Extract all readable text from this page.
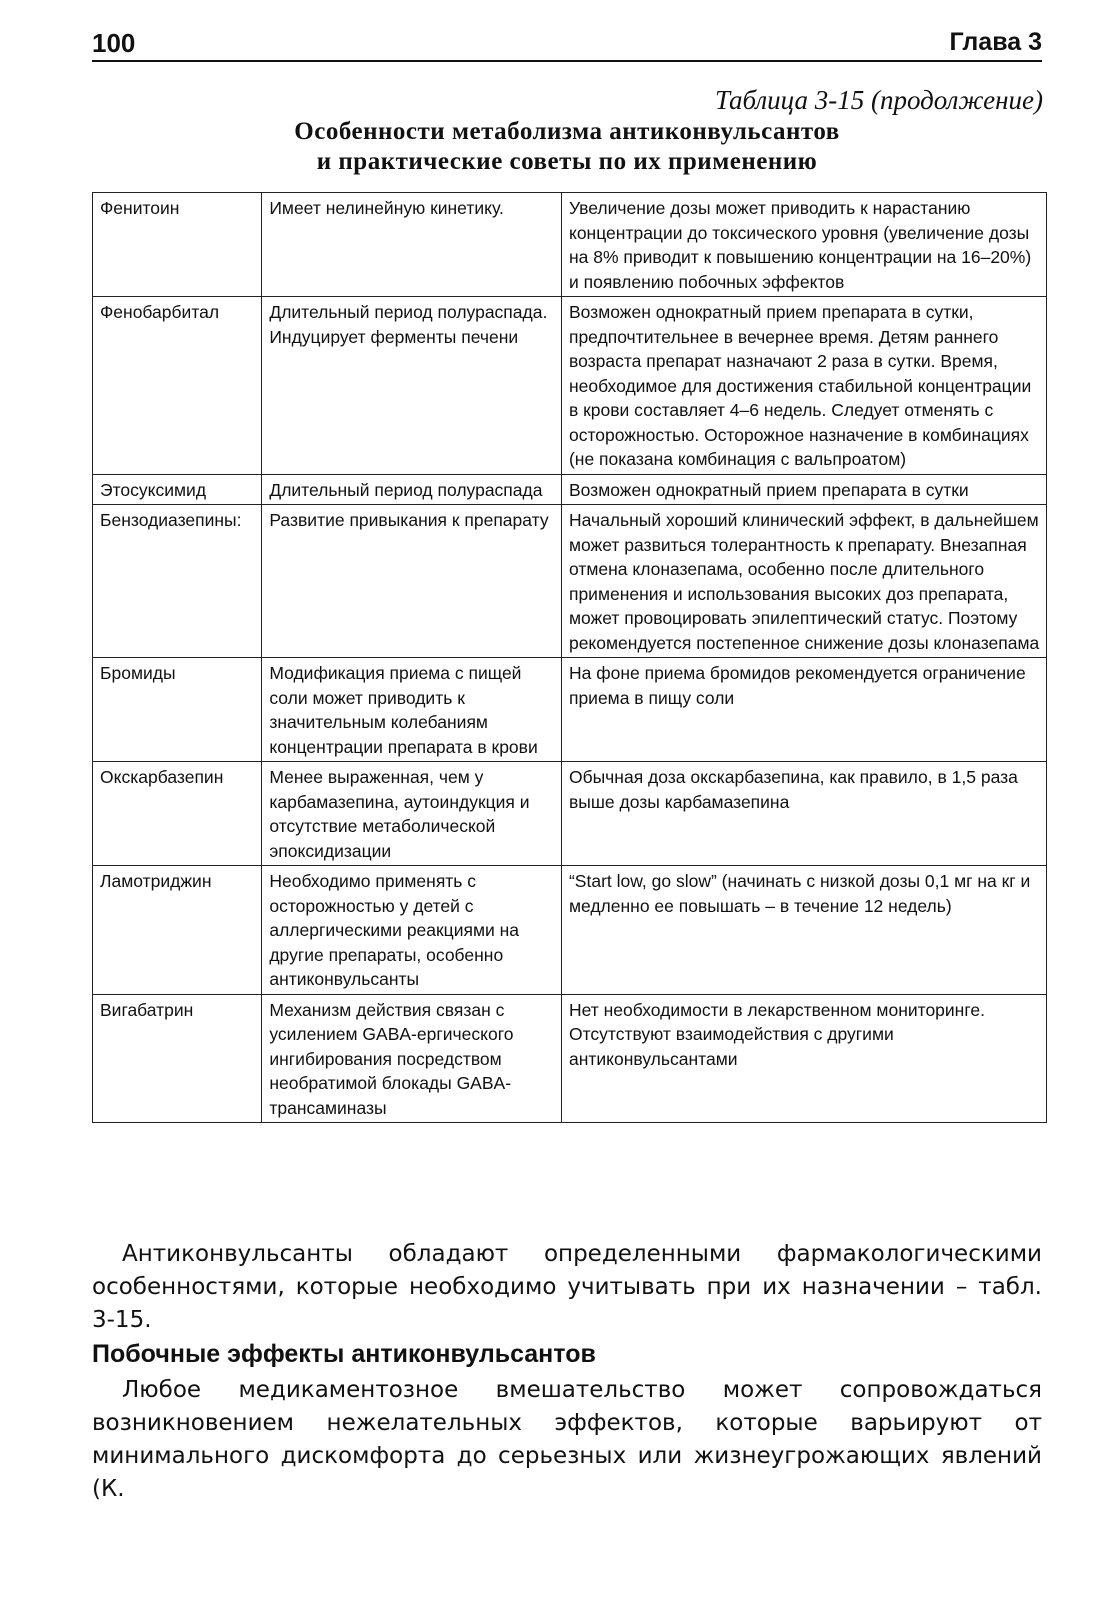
100	Глава 3
Таблица 3-15 (продолжение)
Особенности метаболизма антиконвульсантов
и практические советы по их применению
Фенитоин	Имеет нелинейную кинетику.	Увеличение дозы может приводить к нарастанию концентрации до токсического уровня (увеличение дозы на 8% приводит к повышению концентрации на 16–20%) и появлению побочных эффектов
Фенобарбитал	Длительный период полураспада. Индуцирует ферменты печени	Возможен однократный прием препарата в сутки, предпочтительнее в вечернее время. Детям раннего возраста препарат назначают 2 раза в сутки. Время, необходимое для достижения стабильной концентрации в крови составляет 4–6 недель. Следует отменять с осторожностью. Осторожное назначение в комбинациях (не показана комбинация с вальпроатом)
Этосуксимид	Длительный период полураспада	Возможен однократный прием препарата в сутки
Бензодиазепины:	Развитие привыкания к препарату	Начальный хороший клинический эффект, в дальнейшем может развиться толерантность к препарату. Внезапная отмена клоназепама, особенно после длительного применения и использования высоких доз препарата, может провоцировать эпилептический статус. Поэтому рекомендуется постепенное снижение дозы клоназепама
Бромиды	Модификация приема с пищей соли может приводить к значительным колебаниям концентрации препарата в крови	На фоне приема бромидов рекомендуется ограничение приема в пищу соли
Окскарбазепин	Менее выраженная, чем у карбамазепина, аутоиндукция и отсутствие метаболической эпоксидизации	Обычная доза окскарбазепина, как правило, в 1,5 раза выше дозы карбамазепина
Ламотриджин	Необходимо применять с осторожностью у детей с аллергическими реакциями на другие препараты, особенно антиконвульсанты	“Start low, go slow” (начинать с низкой дозы 0,1 мг на кг и медленно ее повышать – в течение 12 недель)
Вигабатрин	Механизм действия связан с усилением GABA-ергического ингибирования посредством необратимой блокады GABA-трансаминазы	Нет необходимости в лекарственном мониторинге. Отсутствуют взаимодействия с другими антиконвульсантами

Антиконвульсанты обладают определенными фармакологическими особенностями, которые необходимо учитывать при их назначении – табл. 3-15.

Побочные эффекты антиконвульсантов

Любое медикаментозное вмешательство может сопровождаться возникновением нежелательных эффектов, которые варьируют от минимального дискомфорта до серьезных или жизнеугрожающих явлений (К.
